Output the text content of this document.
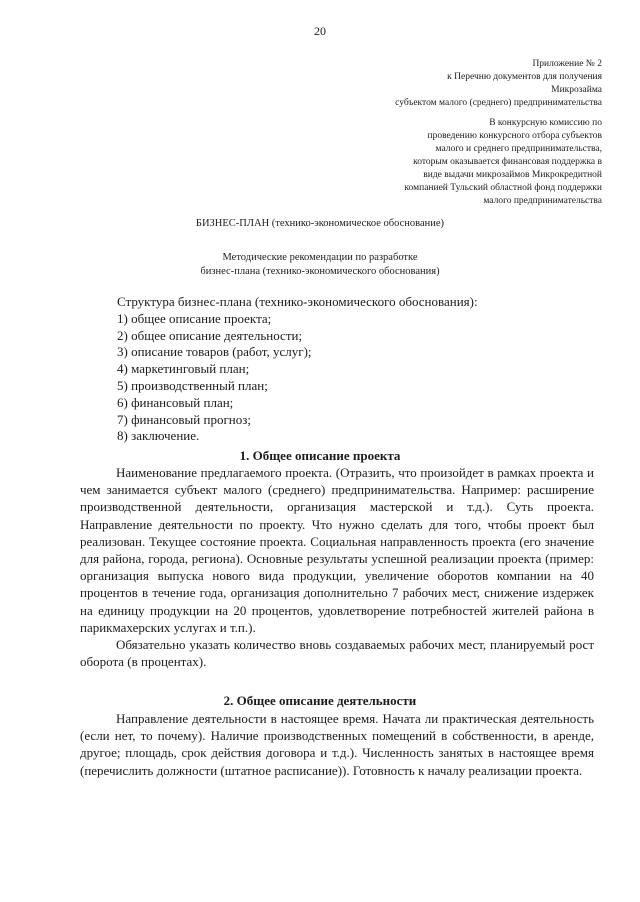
20
Приложение № 2
к Перечню документов для получения
Микрозайма
субъектом малого (среднего) предпринимательства
В конкурсную комиссию по
проведению конкурсного отбора субъектов
малого и среднего предпринимательства,
которым оказывается финансовая поддержка в
виде выдачи микрозаймов Микрокредитной
компанией Тульский областной фонд поддержки
малого предпринимательства
БИЗНЕС-ПЛАН (технико-экономическое обоснование)
Методические рекомендации по разработке
бизнес-плана (технико-экономического обоснования)
Структура бизнес-плана (технико-экономического обоснования):
1) общее описание проекта;
2) общее описание деятельности;
3) описание товаров (работ, услуг);
4) маркетинговый план;
5) производственный план;
6) финансовый план;
7) финансовый прогноз;
8) заключение.
1. Общее описание проекта

Наименование предлагаемого проекта. (Отразить, что произойдет в рамках проекта и чем занимается субъект малого (среднего) предпринимательства. Например: расширение производственной деятельности, организация мастерской и т.д.). Суть проекта. Направление деятельности по проекту. Что нужно сделать для того, чтобы проект был реализован. Текущее состояние проекта. Социальная направленность проекта (его значение для района, города, региона). Основные результаты успешной реализации проекта (пример: организация выпуска нового вида продукции, увеличение оборотов компании на 40 процентов в течение года, организация дополнительно 7 рабочих мест, снижение издержек на единицу продукции на 20 процентов, удовлетворение потребностей жителей района в парикмахерских услугах и т.п.).

Обязательно указать количество вновь создаваемых рабочих мест, планируемый рост оборота (в процентах).

2. Общее описание деятельности

Направление деятельности в настоящее время. Начата ли практическая деятельность (если нет, то почему). Наличие производственных помещений в собственности, в аренде, другое; площадь, срок действия договора и т.д.). Численность занятых в настоящее время (перечислить должности (штатное расписание)). Готовность к началу реализации проекта.
